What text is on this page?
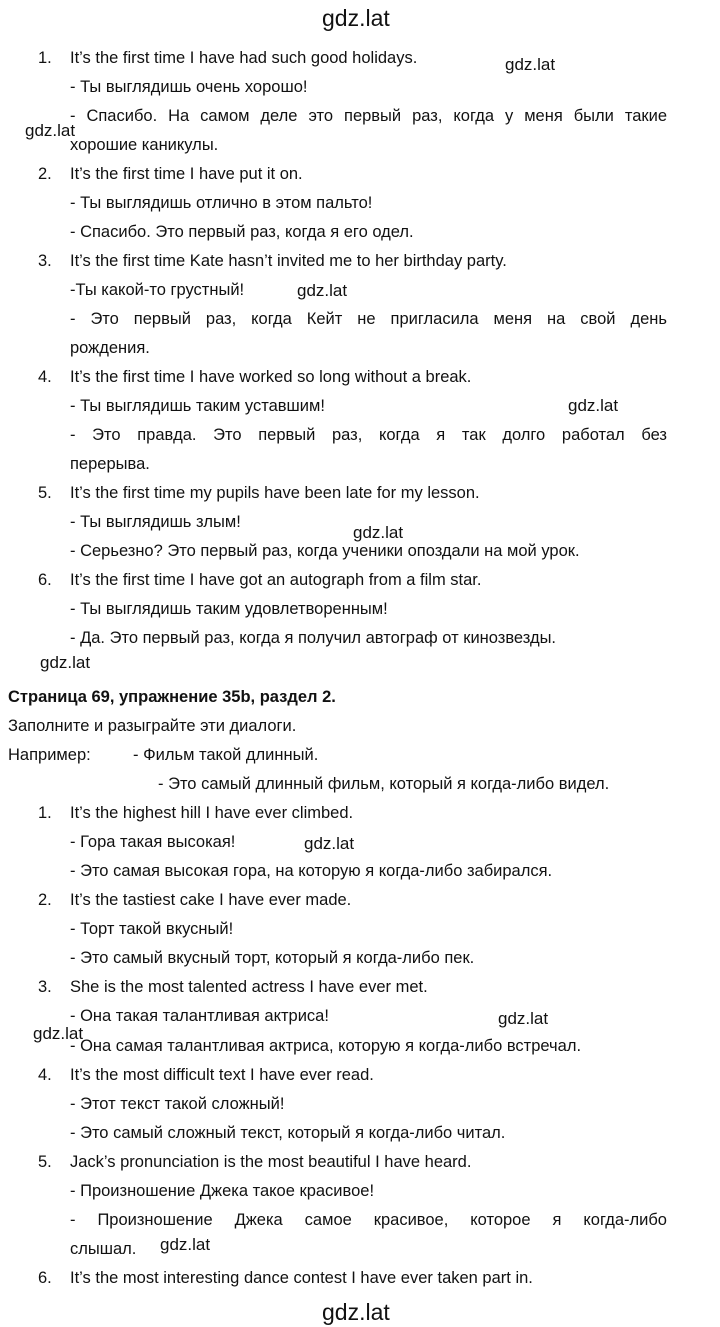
gdz.lat
gdz.lat
gdz.lat
gdz.lat
gdz.lat
gdz.lat
gdz.lat
gdz.lat
gdz.lat
gdz.lat
gdz.lat
gdz.lat
1. It’s the first time I have had such good holidays.
- Ты выглядишь очень хорошо!
- Спасибо. На самом деле это первый раз, когда у меня были такие
хорошие каникулы.
2. It’s the first time I have put it on.
- Ты выглядишь отлично в этом пальто!
- Спасибо. Это первый раз, когда я его одел.
3. It’s the first time Kate hasn’t invited me to her birthday party.
-Ты какой-то грустный!
- Это первый раз, когда Кейт не пригласила меня на свой день
рождения.
4. It’s the first time I have worked so long without a break.
- Ты выглядишь таким уставшим!
- Это правда. Это первый раз, когда я так долго работал без
перерыва.
5. It’s the first time my pupils have been late for my lesson.
- Ты выглядишь злым!
- Серьезно? Это первый раз, когда ученики опоздали на мой урок.
6. It’s the first time I have got an autograph from a film star.
- Ты выглядишь таким удовлетворенным!
- Да. Это первый раз, когда я получил автограф от кинозвезды.
Страница 69, упражнение 35b, раздел 2.
Заполните и разыграйте эти диалоги.
Например:	- Фильм такой длинный.
- Это самый длинный фильм, который я когда-либо видел.
1. It’s the highest hill I have ever climbed.
- Гора такая высокая!
- Это самая высокая гора, на которую я когда-либо забирался.
2. It’s the tastiest cake I have ever made.
- Торт такой вкусный!
- Это самый вкусный торт, который я когда-либо пек.
3. She is the most talented actress I have ever met.
- Она такая талантливая актриса!
- Она самая талантливая актриса, которую я когда-либо встречал.
4. It’s the most difficult text I have ever read.
- Этот текст такой сложный!
- Это самый сложный текст, который я когда-либо читал.
5. Jack’s pronunciation is the most beautiful I have heard.
- Произношение Джека такое красивое!
- Произношение Джека самое красивое, которое я когда-либо
слышал.
6. It’s the most interesting dance contest I have ever taken part in.
